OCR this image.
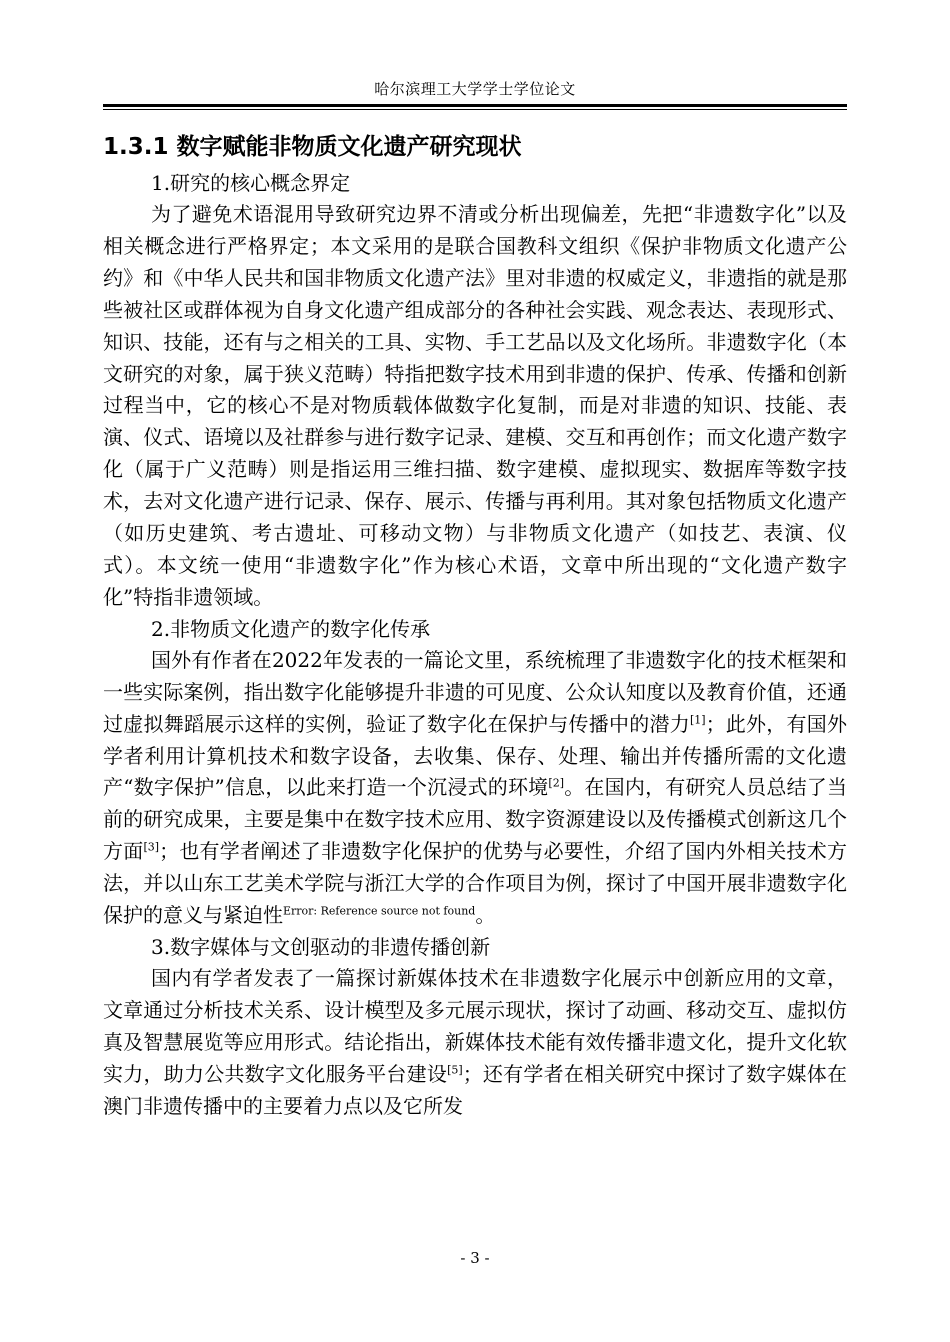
哈尔滨理工大学学士学位论文
1.3.1 数字赋能非物质文化遗产研究现状

1.研究的核心概念界定

为了避免术语混用导致研究边界不清或分析出现偏差，先把“非遗数字化”以及相关概念进行严格界定；本文采用的是联合国教科文组织《保护非物质文化遗产公约》和《中华人民共和国非物质文化遗产法》里对非遗的权威定义，非遗指的就是那些被社区或群体视为自身文化遗产组成部分的各种社会实践、观念表达、表现形式、知识、技能，还有与之相关的工具、实物、手工艺品以及文化场所。非遗数字化（本文研究的对象，属于狭义范畴）特指把数字技术用到非遗的保护、传承、传播和创新过程当中，它的核心不是对物质载体做数字化复制，而是对非遗的知识、技能、表演、仪式、语境以及社群参与进行数字记录、建模、交互和再创作；而文化遗产数字化（属于广义范畴）则是指运用三维扫描、数字建模、虚拟现实、数据库等数字技术，去对文化遗产进行记录、保存、展示、传播与再利用。其对象包括物质文化遗产（如历史建筑、考古遗址、可移动文物）与非物质文化遗产（如技艺、表演、仪式）。本文统一使用“非遗数字化”作为核心术语，文章中所出现的“文化遗产数字化”特指非遗领域。

2.非物质文化遗产的数字化传承

国外有作者在2022年发表的一篇论文里，系统梳理了非遗数字化的技术框架和一些实际案例，指出数字化能够提升非遗的可见度、公众认知度以及教育价值，还通过虚拟舞蹈展示这样的实例，验证了数字化在保护与传播中的潜力[1]；此外，有国外学者利用计算机技术和数字设备，去收集、保存、处理、输出并传播所需的文化遗产“数字保护”信息，以此来打造一个沉浸式的环境[2]。在国内，有研究人员总结了当前的研究成果，主要是集中在数字技术应用、数字资源建设以及传播模式创新这几个方面[3]；也有学者阐述了非遗数字化保护的优势与必要性，介绍了国内外相关技术方法，并以山东工艺美术学院与浙江大学的合作项目为例，探讨了中国开展非遗数字化保护的意义与紧迫性$^{Error: Reference source not found}$。

3.数字媒体与文创驱动的非遗传播创新

国内有学者发表了一篇探讨新媒体技术在非遗数字化展示中创新应用的文章，文章通过分析技术关系、设计模型及多元展示现状，探讨了动画、移动交互、虚拟仿真及智慧展览等应用形式。结论指出，新媒体技术能有效传播非遗文化，提升文化软实力，助力公共数字文化服务平台建设[5]；还有学者在相关研究中探讨了数字媒体在澳门非遗传播中的主要着力点以及它所发

- 3 -
